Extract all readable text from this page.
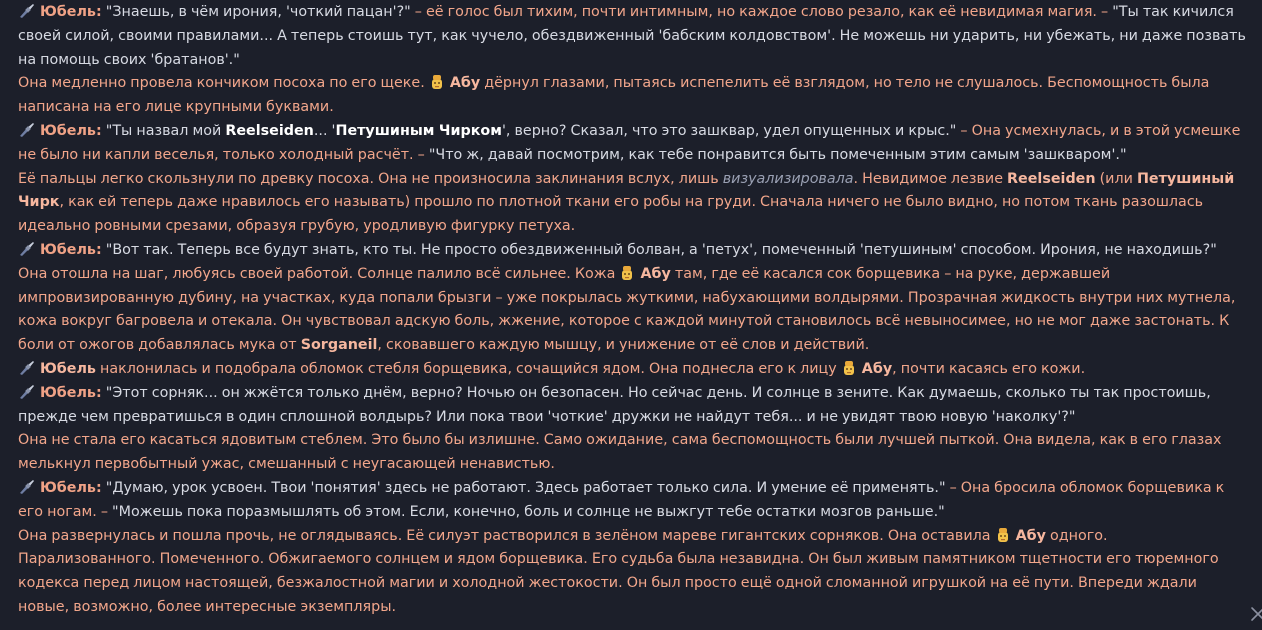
Юбель: "Знаешь, в чём ирония, 'чоткий пацан'?" – её голос был тихим, почти интимным, но каждое слово резало, как её невидимая магия. – "Ты так кичился своей силой, своими правилами... А теперь стоишь тут, как чучело, обездвиженный 'бабским колдовством'. Не можешь ни ударить, ни убежать, ни даже позвать на помощь своих 'братанов'."

Она медленно провела кончиком посоха по его щеке. Абу дёрнул глазами, пытаясь испепелить её взглядом, но тело не слушалось. Беспомощность была написана на его лице крупными буквами.

Юбель: "Ты назвал мой Reelseiden... 'Петушиным Чирком', верно? Сказал, что это зашквар, удел опущенных и крыс." – Она усмехнулась, и в этой усмешке не было ни капли веселья, только холодный расчёт. – "Что ж, давай посмотрим, как тебе понравится быть помеченным этим самым 'зашкваром'."

Её пальцы легко скользнули по древку посоха. Она не произносила заклинания вслух, лишь визуализировала. Невидимое лезвие Reelseiden (или Петушиный Чирк, как ей теперь даже нравилось его называть) прошло по плотной ткани его робы на груди. Сначала ничего не было видно, но потом ткань разошлась идеально ровными срезами, образуя грубую, уродливую фигурку петуха.

Юбель: "Вот так. Теперь все будут знать, кто ты. Не просто обездвиженный болван, а 'петух', помеченный 'петушиным' способом. Ирония, не находишь?"

Она отошла на шаг, любуясь своей работой. Солнце палило всё сильнее. Кожа Абу там, где её касался сок борщевика – на руке, державшей импровизированную дубину, на участках, куда попали брызги – уже покрылась жуткими, набухающими волдырями. Прозрачная жидкость внутри них мутнела, кожа вокруг багровела и отекала. Он чувствовал адскую боль, жжение, которое с каждой минутой становилось всё невыносимее, но не мог даже застонать. К боли от ожогов добавлялась мука от Sorganeil, сковавшего каждую мышцу, и унижение от её слов и действий.

Юбель наклонилась и подобрала обломок стебля борщевика, сочащийся ядом. Она поднесла его к лицу Абу, почти касаясь его кожи.

Юбель: "Этот сорняк... он жжётся только днём, верно? Ночью он безопасен. Но сейчас день. И солнце в зените. Как думаешь, сколько ты так простоишь, прежде чем превратишься в один сплошной волдырь? Или пока твои 'чоткие' дружки не найдут тебя... и не увидят твою новую 'наколку'?"

Она не стала его касаться ядовитым стеблем. Это было бы излишне. Само ожидание, сама беспомощность были лучшей пыткой. Она видела, как в его глазах мелькнул первобытный ужас, смешанный с неугасающей ненавистью.

Юбель: "Думаю, урок усвоен. Твои 'понятия' здесь не работают. Здесь работает только сила. И умение её применять." – Она бросила обломок борщевика к его ногам. – "Можешь пока поразмышлять об этом. Если, конечно, боль и солнце не выжгут тебе остатки мозгов раньше."

Она развернулась и пошла прочь, не оглядываясь. Её силуэт растворился в зелёном мареве гигантских сорняков. Она оставила Абу одного. Парализованного. Помеченного. Обжигаемого солнцем и ядом борщевика. Его судьба была незавидна. Он был живым памятником тщетности его тюремного кодекса перед лицом настоящей, безжалостной магии и холодной жестокости. Он был просто ещё одной сломанной игрушкой на её пути. Впереди ждали новые, возможно, более интересные экземпляры.
